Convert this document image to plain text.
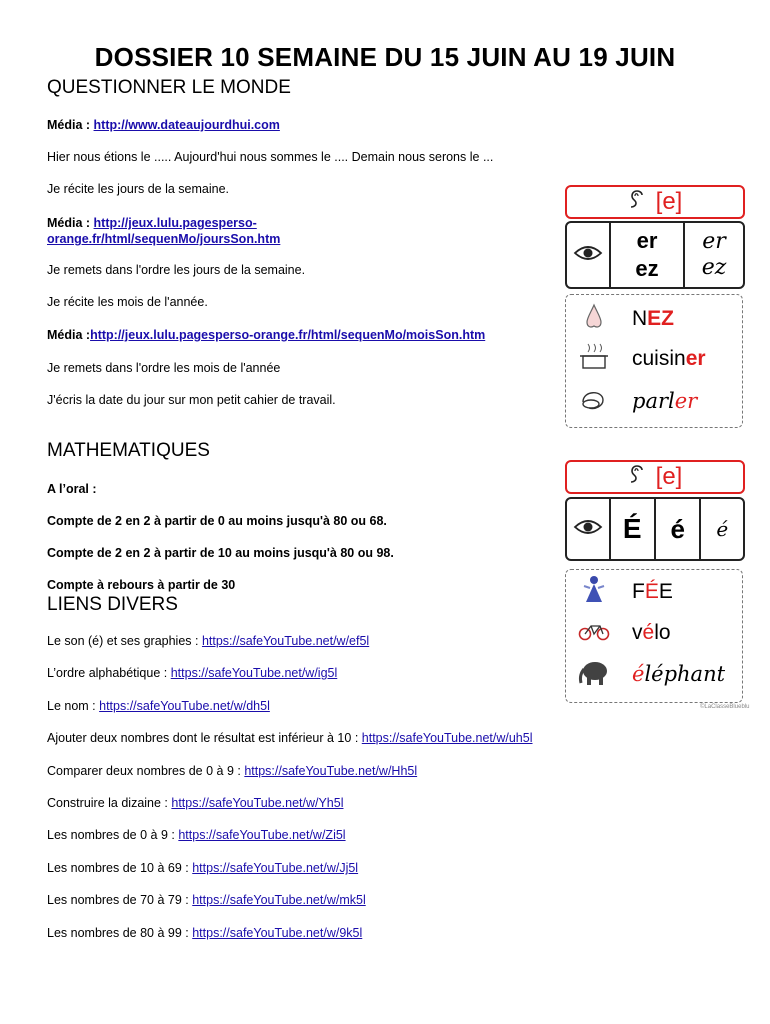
DOSSIER 10 SEMAINE DU 15 JUIN AU 19 JUIN
QUESTIONNER LE MONDE
Média : http://www.dateaujourdhui.com
Hier nous étions le ..... Aujourd'hui nous sommes le .... Demain nous serons le ...
Je récite les jours de la semaine.
Média : http://jeux.lulu.pagesperso-
orange.fr/html/sequenMo/joursSon.htm
Je remets dans l'ordre les jours de la semaine.
Je récite les mois de l'année.
Média :http://jeux.lulu.pagesperso-orange.fr/html/sequenMo/moisSon.htm
Je remets dans l'ordre les mois de l'année
J'écris la date du jour sur mon petit cahier de travail.
MATHEMATIQUES
A l’oral :
Compte de 2 en 2 à partir de 0 au moins jusqu'à 80 ou 68.
Compte de 2 en 2 à partir de 10 au moins jusqu'à 80 ou 98.
Compte à rebours à partir de 30
LIENS DIVERS
Le son (é) et ses graphies : https://safeYouTube.net/w/ef5l
L’ordre alphabétique : https://safeYouTube.net/w/ig5l
Le nom : https://safeYouTube.net/w/dh5l
Ajouter deux nombres dont le résultat est inférieur à 10 : https://safeYouTube.net/w/uh5l
Comparer deux nombres de 0 à 9 : https://safeYouTube.net/w/Hh5l
Construire la dizaine : https://safeYouTube.net/w/Yh5l
Les nombres de 0 à 9 : https://safeYouTube.net/w/Zi5l
Les nombres de 10 à 69 : https://safeYouTube.net/w/Jj5l
Les nombres de 70 à 79 : https://safeYouTube.net/w/mk5l
Les nombres de 80 à 99 : https://safeYouTube.net/w/9k5l
[e]
er
ez
er
ez
NEZ
cuisiner
parler
[e]
É	é	é
FÉE
vélo
éléphant
©LaClasseBlueblu
